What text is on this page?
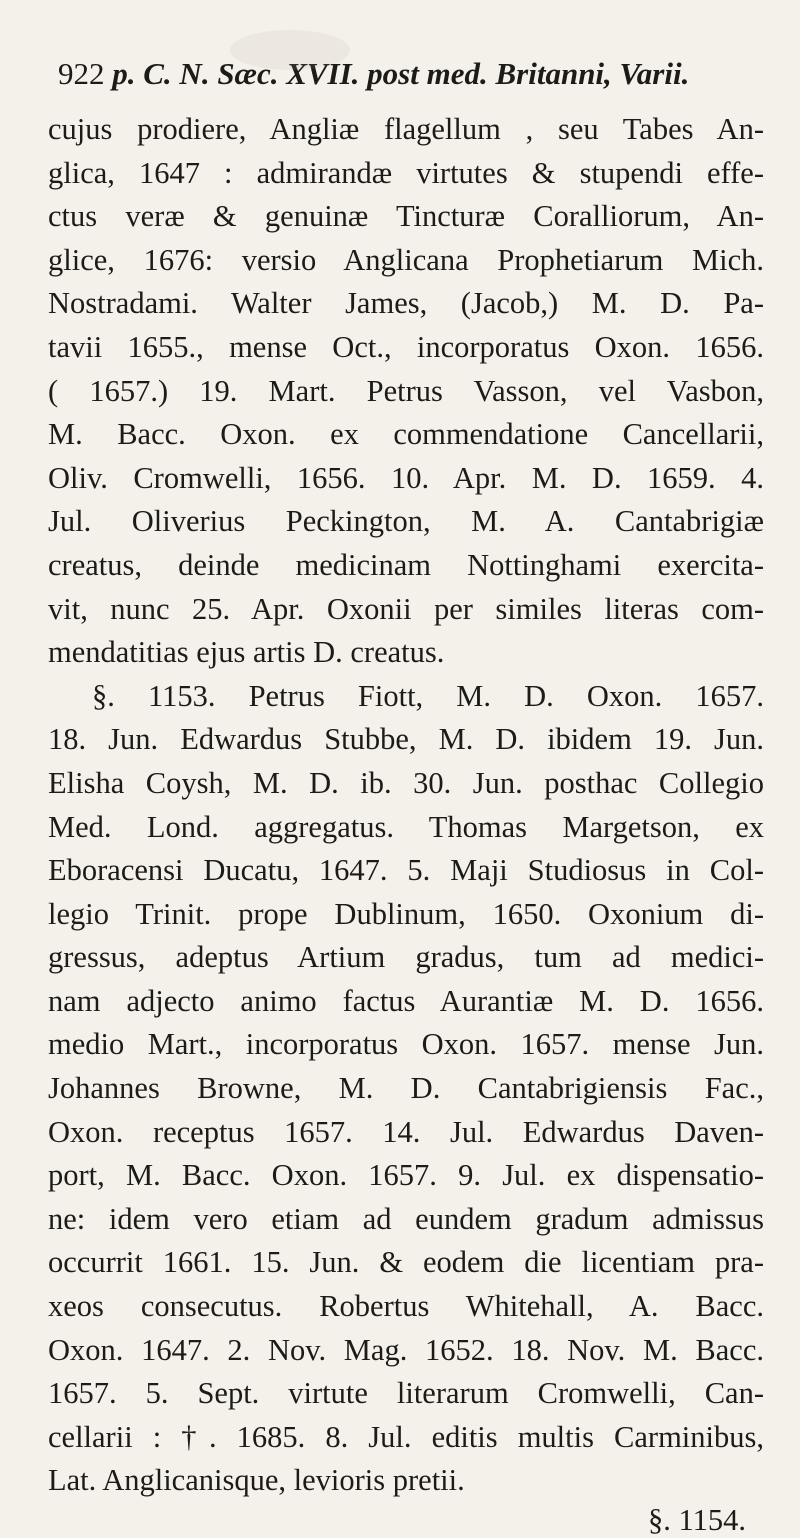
922 p. C. N. Sæc. XVII. post med. Britanni, Varii.
cujus prodiere, Angliæ flagellum , seu Tabes An-
glica, 1647 : admirandæ virtutes & stupendi effe-
ctus veræ & genuinæ Tincturæ Coralliorum, An-
glice, 1676: versio Anglicana Prophetiarum Mich.
Nostradami. Walter James, (Jacob,) M. D. Pa-
tavii 1655., mense Oct., incorporatus Oxon. 1656.
( 1657.) 19. Mart. Petrus Vasson, vel Vasbon,
M. Bacc. Oxon. ex commendatione Cancellarii,
Oliv. Cromwelli, 1656. 10. Apr. M. D. 1659. 4.
Jul. Oliverius Peckington, M. A. Cantabrigiæ
creatus, deinde medicinam Nottinghami exercita-
vit, nunc 25. Apr. Oxonii per similes literas com-
mendatitias ejus artis D. creatus.
§. 1153. Petrus Fiott, M. D. Oxon. 1657.
18. Jun. Edwardus Stubbe, M. D. ibidem 19. Jun.
Elisha Coysh, M. D. ib. 30. Jun. posthac Collegio
Med. Lond. aggregatus. Thomas Margetson, ex
Eboracensi Ducatu, 1647. 5. Maji Studiosus in Col-
legio Trinit. prope Dublinum, 1650. Oxonium di-
gressus, adeptus Artium gradus, tum ad medici-
nam adjecto animo factus Aurantiæ M. D. 1656.
medio Mart., incorporatus Oxon. 1657. mense Jun.
Johannes Browne, M. D. Cantabrigiensis Fac.,
Oxon. receptus 1657. 14. Jul. Edwardus Daven-
port, M. Bacc. Oxon. 1657. 9. Jul. ex dispensatio-
ne: idem vero etiam ad eundem gradum admissus
occurrit 1661. 15. Jun. & eodem die licentiam pra-
xeos consecutus. Robertus Whitehall, A. Bacc.
Oxon. 1647. 2. Nov. Mag. 1652. 18. Nov. M. Bacc.
1657. 5. Sept. virtute literarum Cromwelli, Can-
cellarii : †. 1685. 8. Jul. editis multis Carminibus,
Lat. Anglicanisque, levioris pretii.
§. 1154.
